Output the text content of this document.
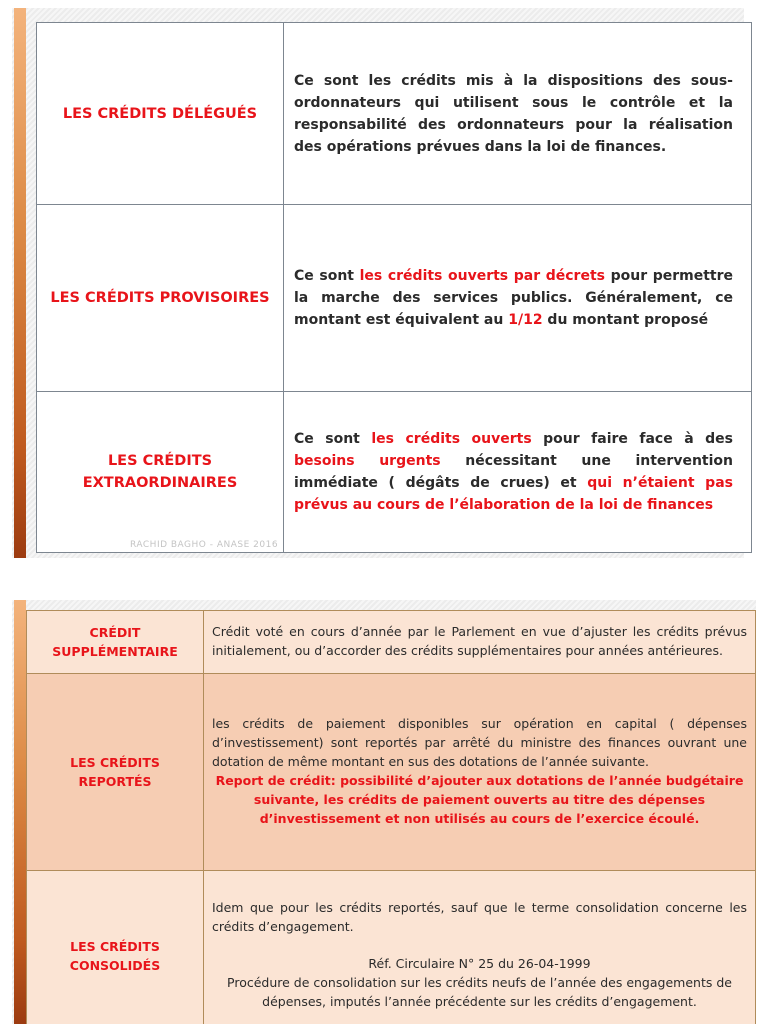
LES CRÉDITS DÉLÉGUÉS	Ce sont les crédits mis à la dispositions des sous-ordonnateurs qui utilisent sous le contrôle et la responsabilité des ordonnateurs pour la réalisation des opérations prévues dans la loi de finances.
LES CRÉDITS PROVISOIRES	Ce sont les crédits ouverts par décrets pour permettre la marche des services publics. Généralement, ce montant est équivalent au 1/12 du montant proposé
LES CRÉDITS EXTRAORDINAIRES	Ce sont les crédits ouverts pour faire face à des besoins urgents nécessitant une intervention immédiate ( dégâts de crues) et qui n’étaient pas prévus au cours de l’élaboration de la loi de finances
RACHID BAGHO - ANASE 2016
CRÉDIT SUPPLÉMENTAIRE	Crédit voté en cours d’année par le Parlement en vue d’ajuster les crédits prévus initialement, ou d’accorder des crédits supplémentaires pour années antérieures.
LES CRÉDITS REPORTÉS	les crédits de paiement disponibles sur opération en capital ( dépenses d’investissement) sont reportés par arrêté du ministre des finances ouvrant une dotation de même montant en sus des dotations de l’année suivante.
Report de crédit: possibilité d’ajouter aux dotations de l’année budgétaire suivante, les crédits de paiement ouverts au titre des dépenses d’investissement et non utilisés au cours de l’exercice écoulé.

LES CRÉDITS CONSOLIDÉS	Idem que pour les crédits reportés, sauf que le terme consolidation concerne les crédits d’engagement.
Réf. Circulaire N° 25 du 26-04-1999
Procédure de consolidation sur les crédits neufs de l’année des engagements de dépenses, imputés l’année précédente sur les crédits d’engagement.
